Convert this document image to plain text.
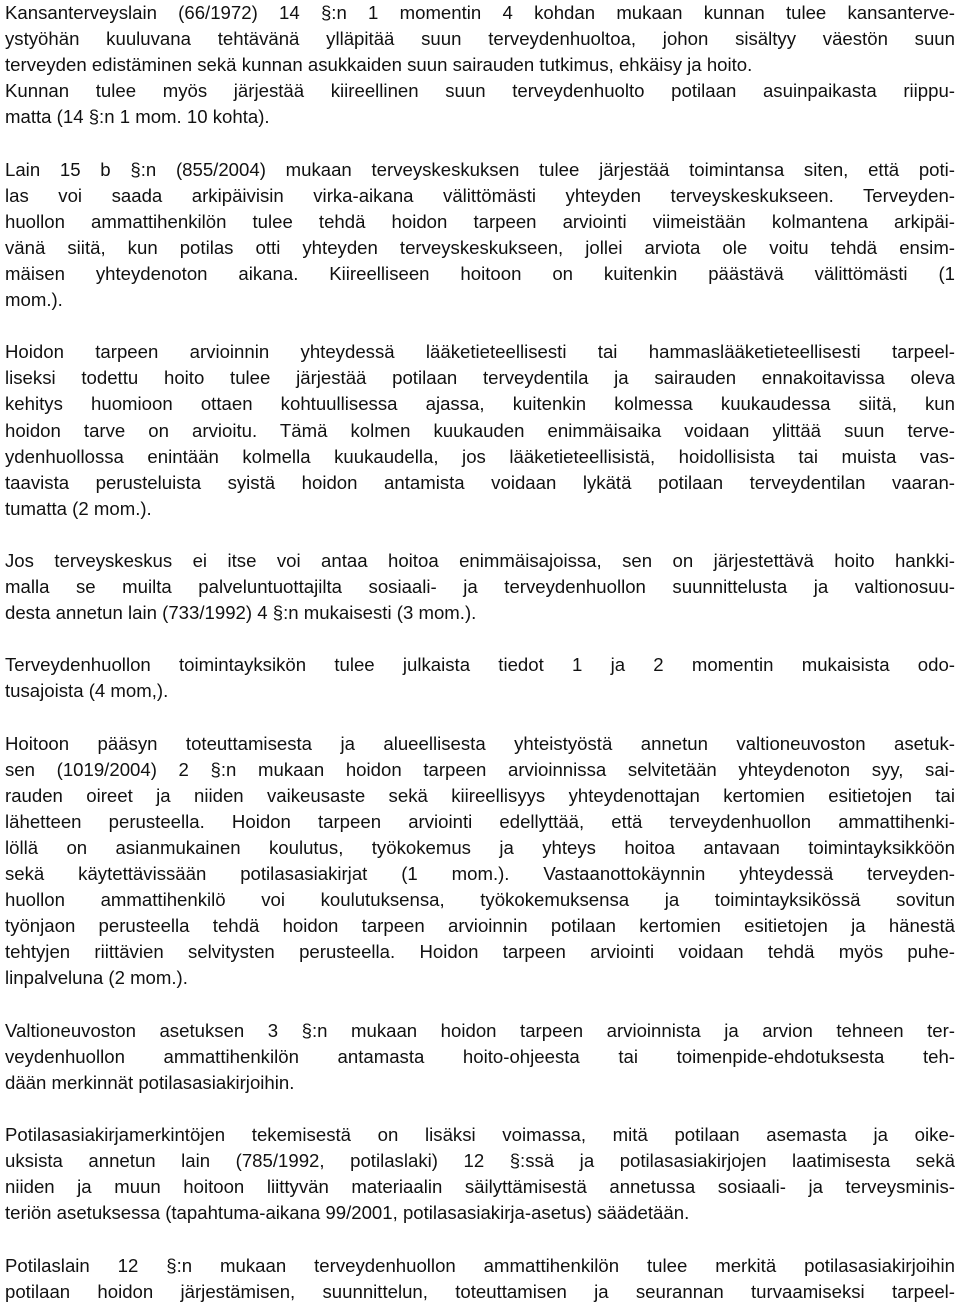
Kansanterveyslain (66/1972) 14 §:n 1 momentin 4 kohdan mukaan kunnan tulee kansanterve-
ystyöhän kuuluvana tehtävänä ylläpitää suun terveydenhuoltoa, johon sisältyy väestön suun
terveyden edistäminen sekä kunnan asukkaiden suun sairauden tutkimus, ehkäisy ja hoito.
Kunnan tulee myös järjestää kiireellinen suun terveydenhuolto potilaan asuinpaikasta riippu-
matta (14 §:n 1 mom. 10 kohta).
Lain 15 b §:n (855/2004) mukaan terveyskeskuksen tulee järjestää toimintansa siten, että poti-
las voi saada arkipäivisin virka-aikana välittömästi yhteyden terveyskeskukseen. Terveyden-
huollon ammattihenkilön tulee tehdä hoidon tarpeen arviointi viimeistään kolmantena arkipäi-
vänä siitä, kun potilas otti yhteyden terveyskeskukseen, jollei arviota ole voitu tehdä ensim-
mäisen yhteydenoton aikana. Kiireelliseen hoitoon on kuitenkin päästävä välittömästi (1
mom.).
Hoidon tarpeen arvioinnin yhteydessä lääketieteellisesti tai hammaslääketieteellisesti tarpeel-
liseksi todettu hoito tulee järjestää potilaan terveydentila ja sairauden ennakoitavissa oleva
kehitys huomioon ottaen kohtuullisessa ajassa, kuitenkin kolmessa kuukaudessa siitä, kun
hoidon tarve on arvioitu. Tämä kolmen kuukauden enimmäisaika voidaan ylittää suun terve-
ydenhuollossa enintään kolmella kuukaudella, jos lääketieteellisistä, hoidollisista tai muista vas-
taavista perusteluista syistä hoidon antamista voidaan lykätä potilaan terveydentilan vaaran-
tumatta (2 mom.).
Jos terveyskeskus ei itse voi antaa hoitoa enimmäisajoissa, sen on järjestettävä hoito hankki-
malla se muilta palveluntuottajilta sosiaali- ja terveydenhuollon suunnittelusta ja valtionosuu-
desta annetun lain (733/1992) 4 §:n mukaisesti (3 mom.).
Terveydenhuollon toimintayksikön tulee julkaista tiedot 1 ja 2 momentin mukaisista odo-
tusajoista (4 mom,).
Hoitoon pääsyn toteuttamisesta ja alueellisesta yhteistyöstä annetun valtioneuvoston asetuk-
sen (1019/2004) 2 §:n mukaan hoidon tarpeen arvioinnissa selvitetään yhteydenoton syy, sai-
rauden oireet ja niiden vaikeusaste sekä kiireellisyys yhteydenottajan kertomien esitietojen tai
lähetteen perusteella. Hoidon tarpeen arviointi edellyttää, että terveydenhuollon ammattihenki-
löllä on asianmukainen koulutus, työkokemus ja yhteys hoitoa antavaan toimintayksikköön
sekä käytettävissään potilasasiakirjat (1 mom.). Vastaanottokäynnin yhteydessä terveyden-
huollon ammattihenkilö voi koulutuksensa, työkokemuksensa ja toimintayksikössä sovitun
työnjaon perusteella tehdä hoidon tarpeen arvioinnin potilaan kertomien esitietojen ja hänestä
tehtyjen riittävien selvitysten perusteella. Hoidon tarpeen arviointi voidaan tehdä myös puhe-
linpalveluna (2 mom.).
Valtioneuvoston asetuksen 3 §:n mukaan hoidon tarpeen arvioinnista ja arvion tehneen ter-
veydenhuollon ammattihenkilön antamasta hoito-ohjeesta tai toimenpide-ehdotuksesta teh-
dään merkinnät potilasasiakirjoihin.
Potilasasiakirjamerkintöjen tekemisestä on lisäksi voimassa, mitä potilaan asemasta ja oike-
uksista annetun lain (785/1992, potilaslaki) 12 §:ssä ja potilasasiakirjojen laatimisesta sekä
niiden ja muun hoitoon liittyvän materiaalin säilyttämisestä annetussa sosiaali- ja terveysminis-
teriön asetuksessa (tapahtuma-aikana 99/2001, potilasasiakirja-asetus) säädetään.
Potilaslain 12 §:n mukaan terveydenhuollon ammattihenkilön tulee merkitä potilasasiakirjoihin
potilaan hoidon järjestämisen, suunnittelun, toteuttamisen ja seurannan turvaamiseksi tarpeel-
